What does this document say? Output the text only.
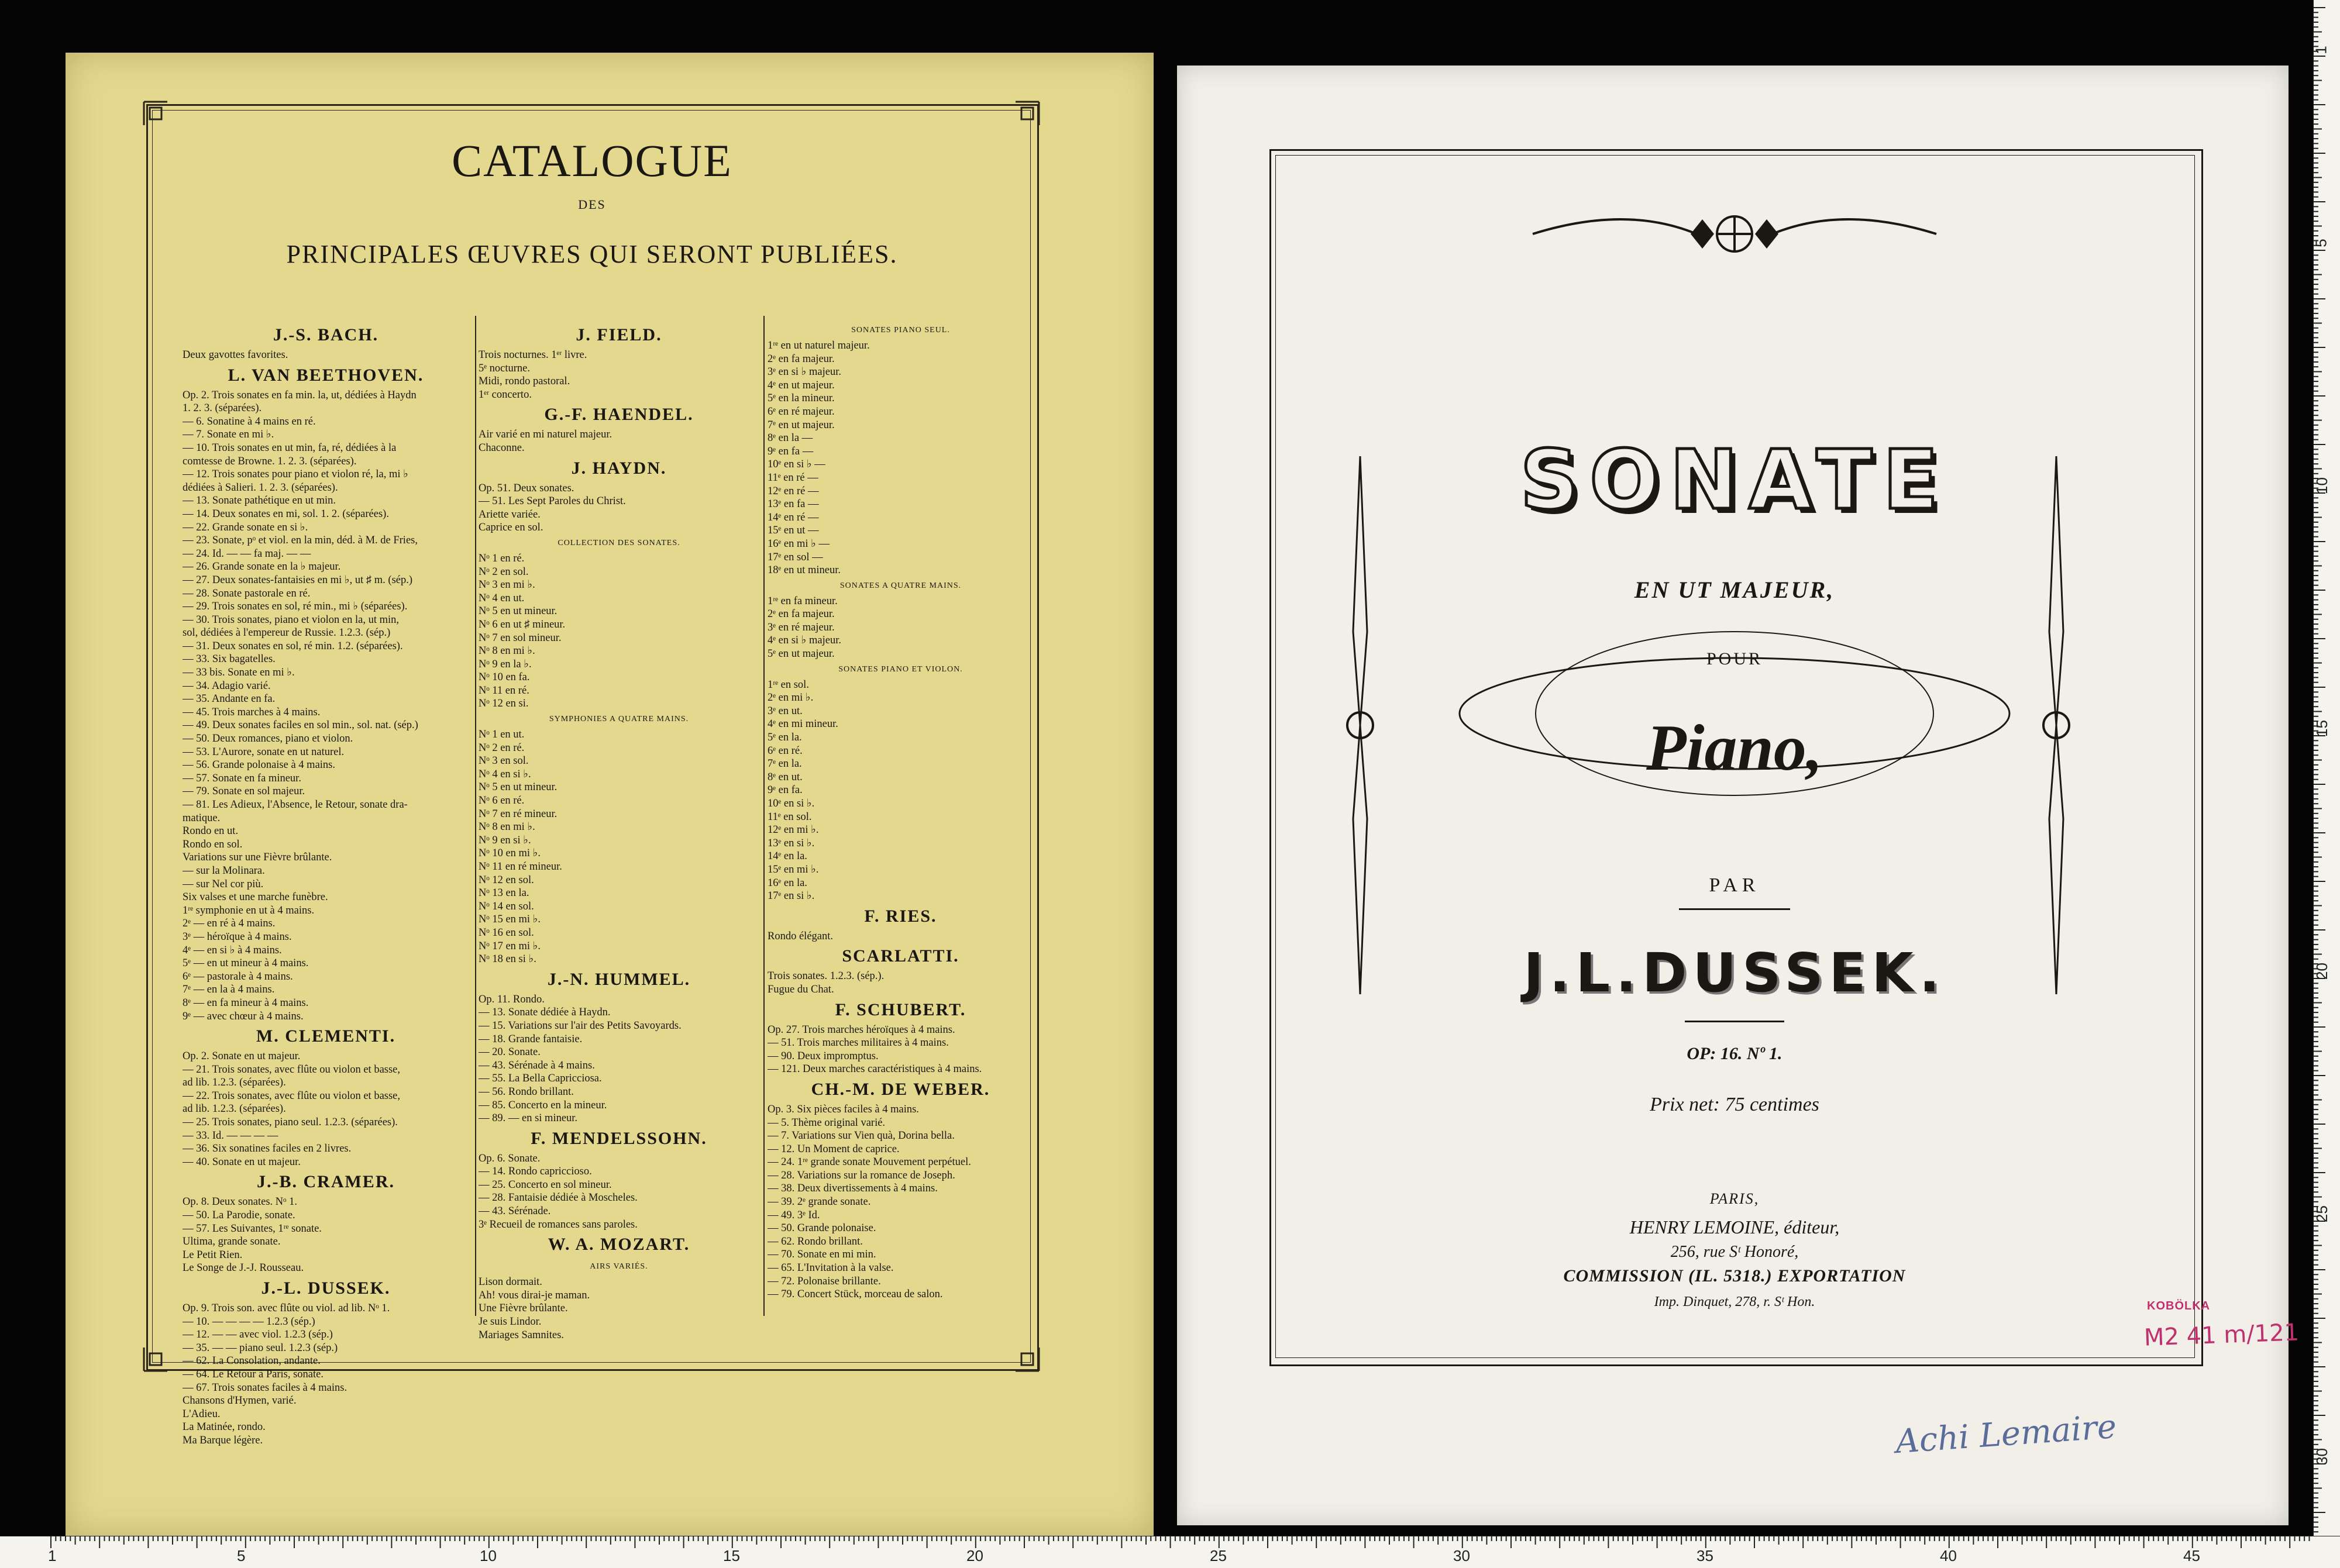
1
5
10
15
20
25
30
1	5	10	15	20	25	30	35	40	45
CATALOGUE
DES
PRINCIPALES ŒUVRES QUI SERONT PUBLIÉES.
J.-S. BACH.
Deux gavottes favorites.
L. VAN BEETHOVEN.
Op. 2. Trois sonates en fa min. la, ut, dédiées à Haydn
1. 2. 3. (séparées).
— 6. Sonatine à 4 mains en ré.
— 7. Sonate en mi ♭.
— 10. Trois sonates en ut min, fa, ré, dédiées à la
comtesse de Browne. 1. 2. 3. (séparées).
— 12. Trois sonates pour piano et violon ré, la, mi ♭
dédiées à Salieri. 1. 2. 3. (séparées).
— 13. Sonate pathétique en ut min.
— 14. Deux sonates en mi, sol. 1. 2. (séparées).
— 22. Grande sonate en si ♭.
— 23. Sonate, pᵒ et viol. en la min, déd. à M. de Fries,
— 24. Id. — — fa maj. — —
— 26. Grande sonate en la ♭ majeur.
— 27. Deux sonates-fantaisies en mi ♭, ut ♯ m. (sép.)
— 28. Sonate pastorale en ré.
— 29. Trois sonates en sol, ré min., mi ♭ (séparées).
— 30. Trois sonates, piano et violon en la, ut min,
sol, dédiées à l'empereur de Russie. 1.2.3. (sép.)
— 31. Deux sonates en sol, ré min. 1.2. (séparées).
— 33. Six bagatelles.
— 33 bis. Sonate en mi ♭.
— 34. Adagio varié.
— 35. Andante en fa.
— 45. Trois marches à 4 mains.
— 49. Deux sonates faciles en sol min., sol. nat. (sép.)
— 50. Deux romances, piano et violon.
— 53. L'Aurore, sonate en ut naturel.
— 56. Grande polonaise à 4 mains.
— 57. Sonate en fa mineur.
— 79. Sonate en sol majeur.
— 81. Les Adieux, l'Absence, le Retour, sonate dra-
matique.
Rondo en ut.
Rondo en sol.
Variations sur une Fièvre brûlante.
— sur la Molinara.
— sur Nel cor più.
Six valses et une marche funèbre.
1ʳᵉ symphonie en ut à 4 mains.
2ᵉ — en ré à 4 mains.
3ᵉ — héroïque à 4 mains.
4ᵉ — en si ♭ à 4 mains.
5ᵉ — en ut mineur à 4 mains.
6ᵉ — pastorale à 4 mains.
7ᵉ — en la à 4 mains.
8ᵉ — en fa mineur à 4 mains.
9ᵉ — avec chœur à 4 mains.
M. CLEMENTI.
Op. 2. Sonate en ut majeur.
— 21. Trois sonates, avec flûte ou violon et basse,
ad lib. 1.2.3. (séparées).
— 22. Trois sonates, avec flûte ou violon et basse,
ad lib. 1.2.3. (séparées).
— 25. Trois sonates, piano seul. 1.2.3. (séparées).
— 33. Id. — — — —
— 36. Six sonatines faciles en 2 livres.
— 40. Sonate en ut majeur.
J.-B. CRAMER.
Op. 8. Deux sonates. Nᵒ 1.
— 50. La Parodie, sonate.
— 57. Les Suivantes, 1ʳᵉ sonate.
Ultima, grande sonate.
Le Petit Rien.
Le Songe de J.-J. Rousseau.
J.-L. DUSSEK.
Op. 9. Trois son. avec flûte ou viol. ad lib. Nᵒ 1.
— 10. — — — — 1.2.3 (sép.)
— 12. — — avec viol. 1.2.3 (sép.)
— 35. — — piano seul. 1.2.3 (sép.)
— 62. La Consolation, andante.
— 64. Le Retour à Paris, sonate.
— 67. Trois sonates faciles à 4 mains.
Chansons d'Hymen, varié.
L'Adieu.
La Matinée, rondo.
Ma Barque légère.
J. FIELD.
Trois nocturnes. 1ᵉʳ livre.
5ᵉ nocturne.
Midi, rondo pastoral.
1ᵉʳ concerto.
G.-F. HAENDEL.
Air varié en mi naturel majeur.
Chaconne.
J. HAYDN.
Op. 51. Deux sonates.
— 51. Les Sept Paroles du Christ.
Ariette variée.
Caprice en sol.
COLLECTION DES SONATES.
Nᵒ 1 en ré.
Nᵒ 2 en sol.
Nᵒ 3 en mi ♭.
Nᵒ 4 en ut.
Nᵒ 5 en ut mineur.
Nᵒ 6 en ut ♯ mineur.
Nᵒ 7 en sol mineur.
Nᵒ 8 en mi ♭.
Nᵒ 9 en la ♭.
Nᵒ 10 en fa.
Nᵒ 11 en ré.
Nᵒ 12 en si.
SYMPHONIES A QUATRE MAINS.
Nᵒ 1 en ut.
Nᵒ 2 en ré.
Nᵒ 3 en sol.
Nᵒ 4 en si ♭.
Nᵒ 5 en ut mineur.
Nᵒ 6 en ré.
Nᵒ 7 en ré mineur.
Nᵒ 8 en mi ♭.
Nᵒ 9 en si ♭.
Nᵒ 10 en mi ♭.
Nᵒ 11 en ré mineur.
Nᵒ 12 en sol.
Nᵒ 13 en la.
Nᵒ 14 en sol.
Nᵒ 15 en mi ♭.
Nᵒ 16 en sol.
Nᵒ 17 en mi ♭.
Nᵒ 18 en si ♭.
J.-N. HUMMEL.
Op. 11. Rondo.
— 13. Sonate dédiée à Haydn.
— 15. Variations sur l'air des Petits Savoyards.
— 18. Grande fantaisie.
— 20. Sonate.
— 43. Sérénade à 4 mains.
— 55. La Bella Capricciosa.
— 56. Rondo brillant.
— 85. Concerto en la mineur.
— 89. — en si mineur.
F. MENDELSSOHN.
Op. 6. Sonate.
— 14. Rondo capriccioso.
— 25. Concerto en sol mineur.
— 28. Fantaisie dédiée à Moscheles.
— 43. Sérénade.
3ᵉ Recueil de romances sans paroles.
W. A. MOZART.
AIRS VARIÉS.
Lison dormait.
Ah! vous dirai-je maman.
Une Fièvre brûlante.
Je suis Lindor.
Mariages Samnites.
SONATES PIANO SEUL.
1ʳᵉ en ut naturel majeur.
2ᵉ en fa majeur.
3ᵉ en si ♭ majeur.
4ᵉ en ut majeur.
5ᵉ en la mineur.
6ᵉ en ré majeur.
7ᵉ en ut majeur.
8ᵉ en la —
9ᵉ en fa —
10ᵉ en si ♭ —
11ᵉ en ré —
12ᵉ en ré —
13ᵉ en fa —
14ᵉ en ré —
15ᵉ en ut —
16ᵉ en mi ♭ —
17ᵉ en sol —
18ᵉ en ut mineur.
SONATES A QUATRE MAINS.
1ʳᵉ en fa mineur.
2ᵉ en fa majeur.
3ᵉ en ré majeur.
4ᵉ en si ♭ majeur.
5ᵉ en ut majeur.
SONATES PIANO ET VIOLON.
1ʳᵉ en sol.
2ᵉ en mi ♭.
3ᵉ en ut.
4ᵉ en mi mineur.
5ᵉ en la.
6ᵉ en ré.
7ᵉ en la.
8ᵉ en ut.
9ᵉ en fa.
10ᵉ en si ♭.
11ᵉ en sol.
12ᵉ en mi ♭.
13ᵉ en si ♭.
14ᵉ en la.
15ᵉ en mi ♭.
16ᵉ en la.
17ᵉ en si ♭.
F. RIES.
Rondo élégant.
SCARLATTI.
Trois sonates. 1.2.3. (sép.).
Fugue du Chat.
F. SCHUBERT.
Op. 27. Trois marches héroïques à 4 mains.
— 51. Trois marches militaires à 4 mains.
— 90. Deux impromptus.
— 121. Deux marches caractéristiques à 4 mains.
CH.-M. DE WEBER.
Op. 3. Six pièces faciles à 4 mains.
— 5. Thème original varié.
— 7. Variations sur Vien quà, Dorina bella.
— 12. Un Moment de caprice.
— 24. 1ʳᵉ grande sonate Mouvement perpétuel.
— 28. Variations sur la romance de Joseph.
— 38. Deux divertissements à 4 mains.
— 39. 2ᵉ grande sonate.
— 49. 3ᵉ Id.
— 50. Grande polonaise.
— 62. Rondo brillant.
— 70. Sonate en mi min.
— 65. L'Invitation à la valse.
— 72. Polonaise brillante.
— 79. Concert Stück, morceau de salon.
SONATE
EN UT MAJEUR,
POUR
Piano,
PAR
J.L.DUSSEK.
OP: 16. Nº 1.
Prix net: 75 centimes
PARIS,
HENRY LEMOINE, éditeur,
256, rue Sᵗ Honoré,
COMMISSION (IL. 5318.) EXPORTATION
Imp. Dinquet, 278, r. Sᵗ Hon.	KOBÖLKA
M2 41 m/121
Achi Lemaire
